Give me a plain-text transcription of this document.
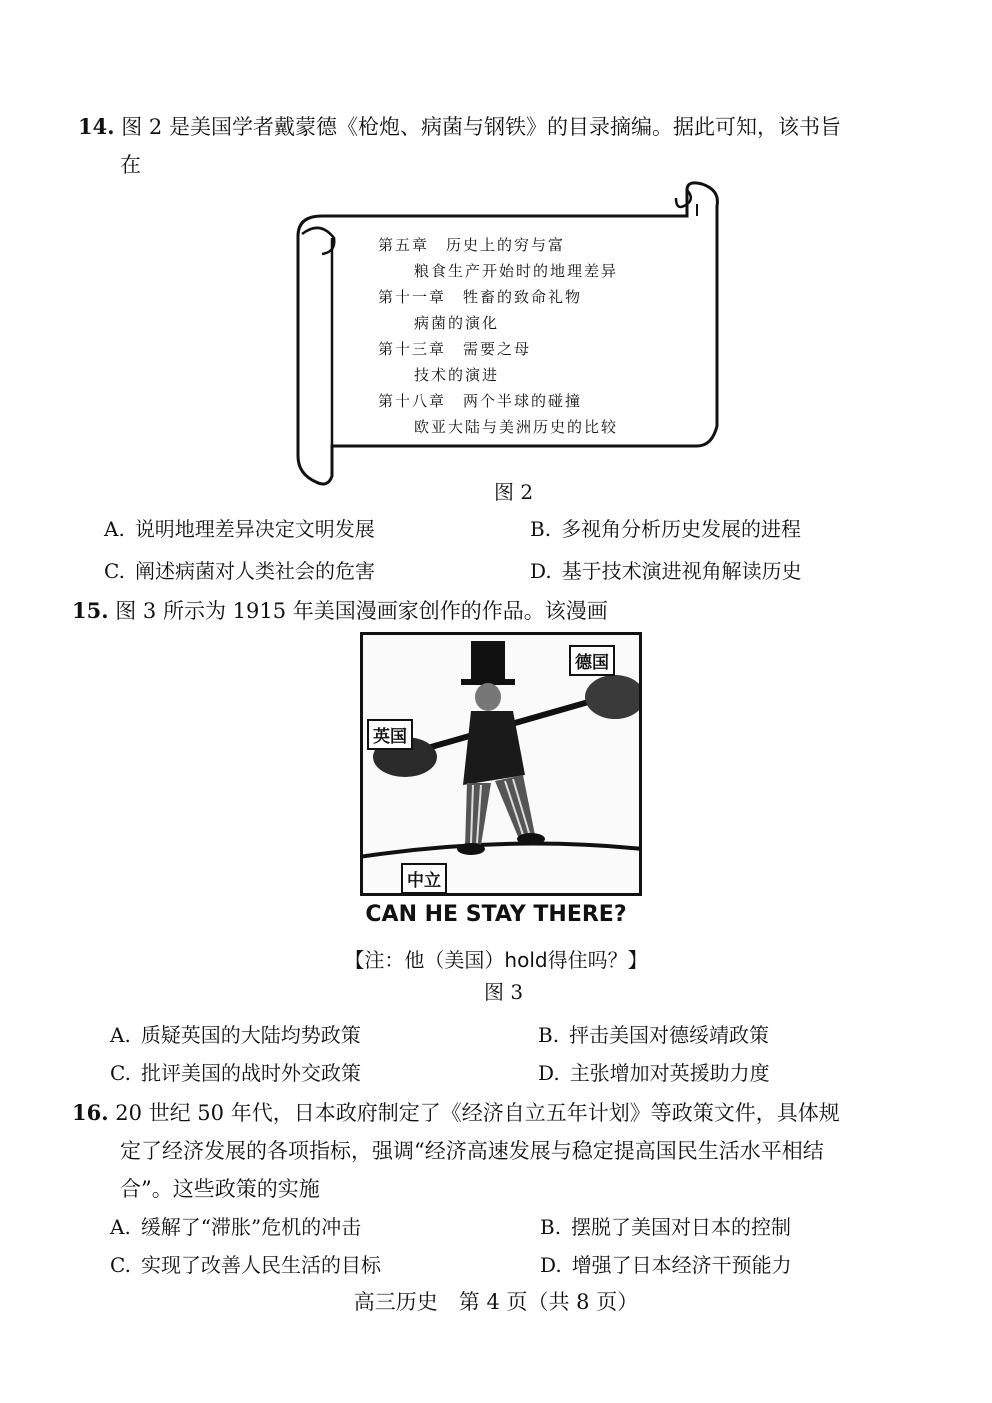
14. 图 2 是美国学者戴蒙德《枪炮、病菌与钢铁》的目录摘编。据此可知，该书旨
在
第五章　历史上的穷与富
粮食生产开始时的地理差异
第十一章　牲畜的致命礼物
病菌的演化
第十三章　需要之母
技术的演进
第十八章　两个半球的碰撞
欧亚大陆与美洲历史的比较
图 2
A. 说明地理差异决定文明发展	B. 多视角分析历史发展的进程
C. 阐述病菌对人类社会的危害	D. 基于技术演进视角解读历史
15. 图 3 所示为 1915 年美国漫画家创作的作品。该漫画
德国
英国
中立
CAN HE STAY THERE?
【注：他（美国）hold得住吗？】
图 3
A. 质疑英国的大陆均势政策	B. 抨击美国对德绥靖政策
C. 批评美国的战时外交政策	D. 主张增加对英援助力度
16. 20 世纪 50 年代，日本政府制定了《经济自立五年计划》等政策文件，具体规
定了经济发展的各项指标，强调“经济高速发展与稳定提高国民生活水平相结
合”。这些政策的实施
A. 缓解了“滞胀”危机的冲击	B. 摆脱了美国对日本的控制
C. 实现了改善人民生活的目标	D. 增强了日本经济干预能力
高三历史　第 4 页（共 8 页）
